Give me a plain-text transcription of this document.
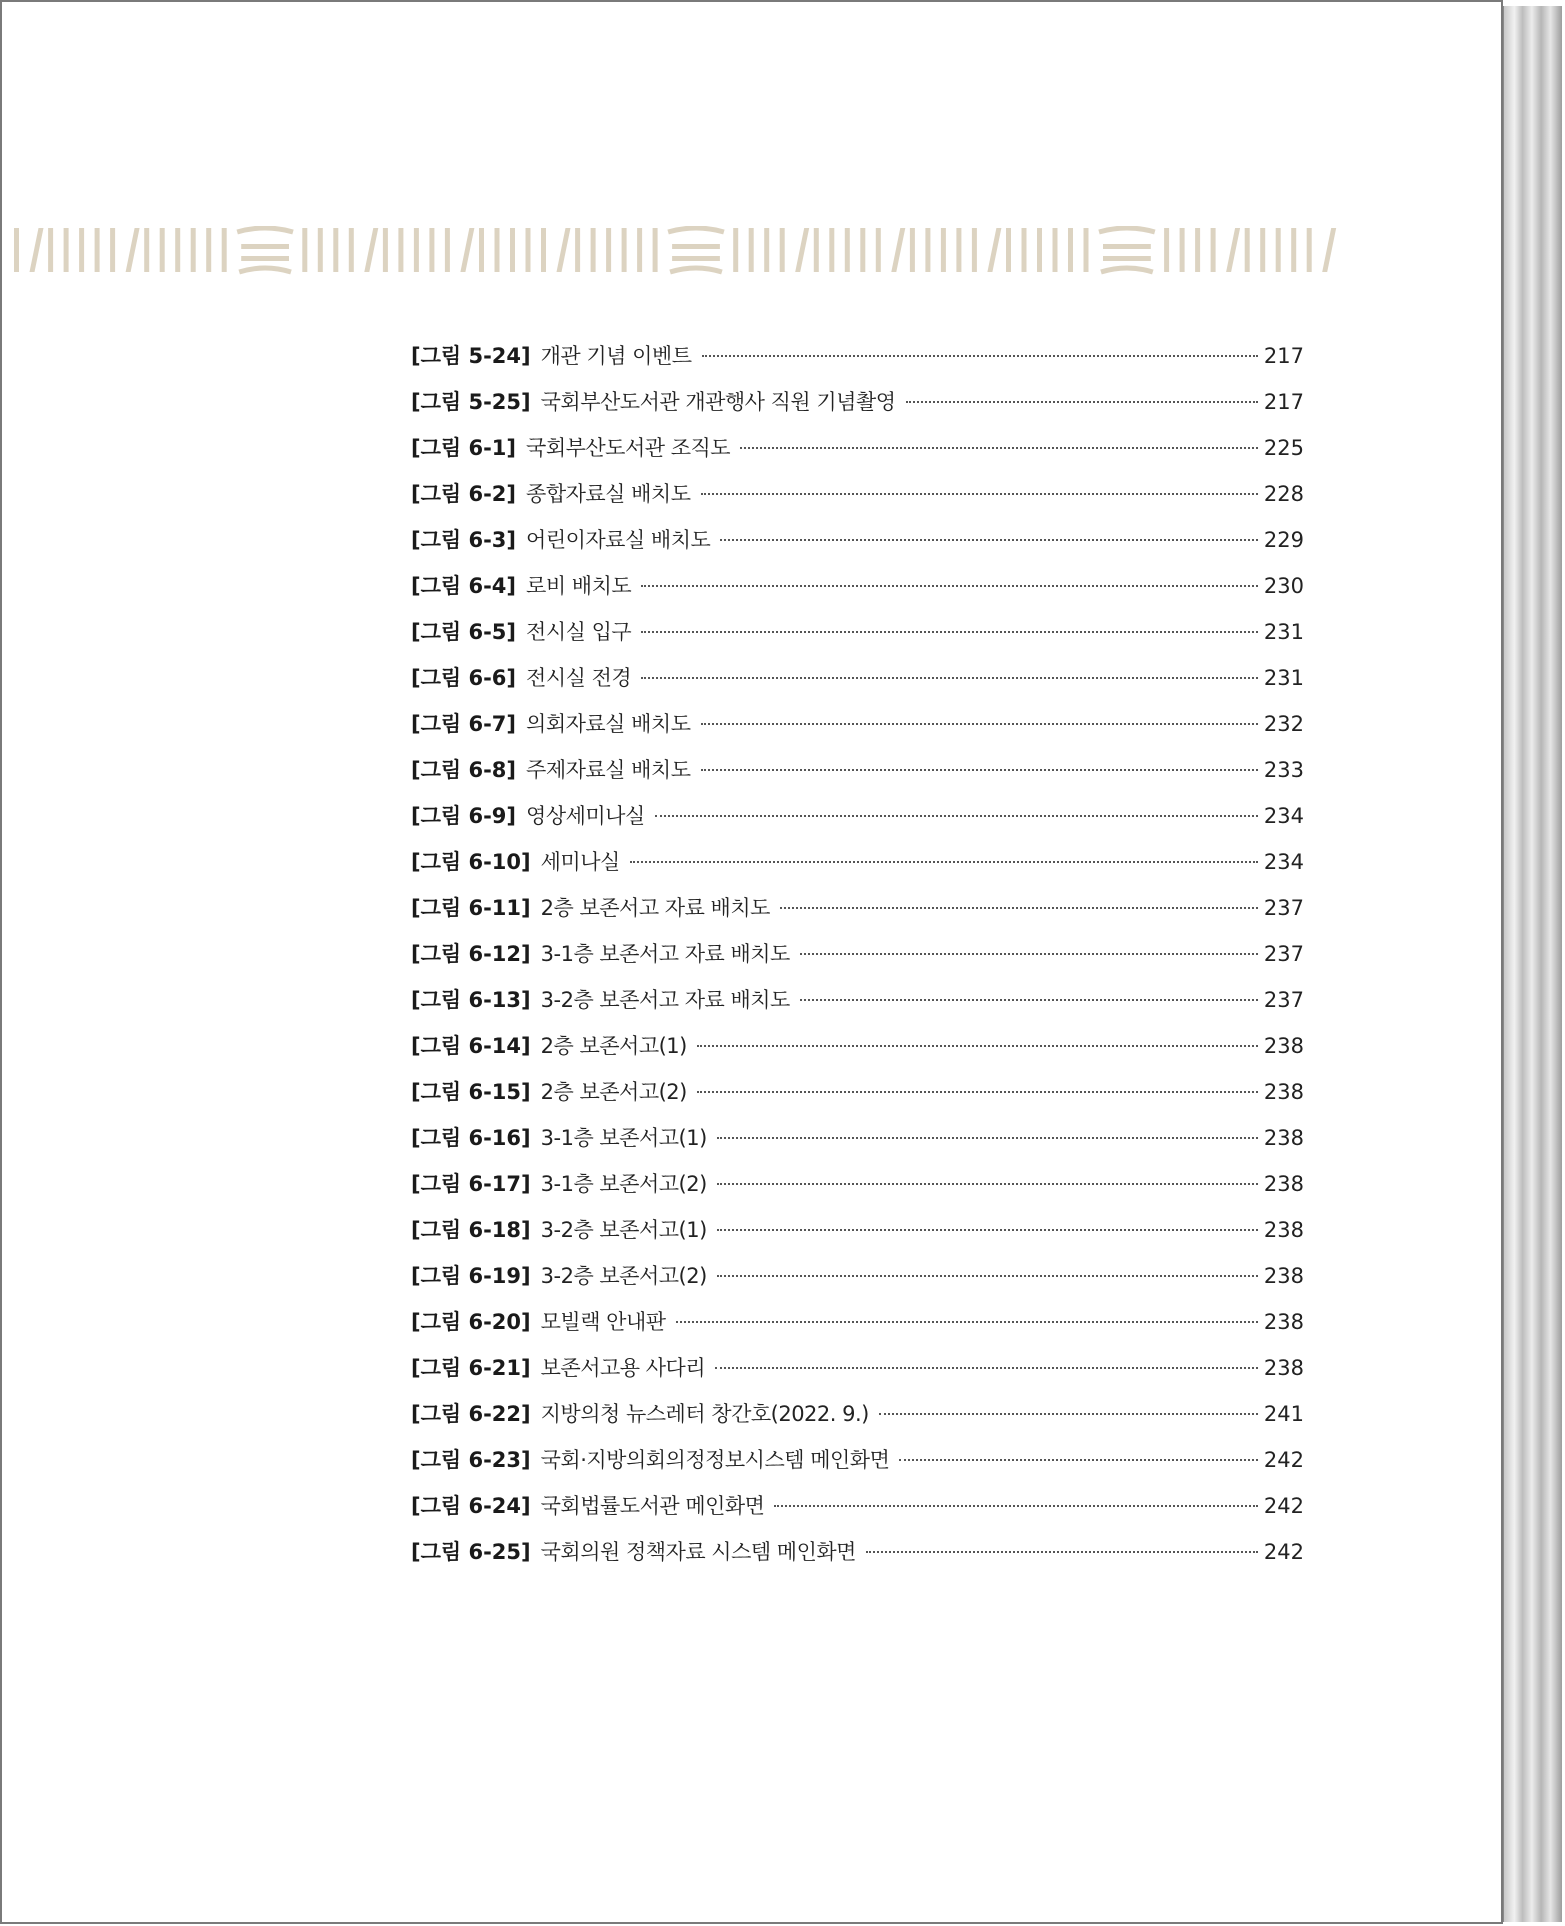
[그림 5-24] 개관 기념 이벤트	217
[그림 5-25] 국회부산도서관 개관행사 직원 기념촬영	217
[그림 6-1] 국회부산도서관 조직도	225
[그림 6-2] 종합자료실 배치도	228
[그림 6-3] 어린이자료실 배치도	229
[그림 6-4] 로비 배치도	230
[그림 6-5] 전시실 입구	231
[그림 6-6] 전시실 전경	231
[그림 6-7] 의회자료실 배치도	232
[그림 6-8] 주제자료실 배치도	233
[그림 6-9] 영상세미나실	234
[그림 6-10] 세미나실	234
[그림 6-11] 2층 보존서고 자료 배치도	237
[그림 6-12] 3-1층 보존서고 자료 배치도	237
[그림 6-13] 3-2층 보존서고 자료 배치도	237
[그림 6-14] 2층 보존서고(1)	238
[그림 6-15] 2층 보존서고(2)	238
[그림 6-16] 3-1층 보존서고(1)	238
[그림 6-17] 3-1층 보존서고(2)	238
[그림 6-18] 3-2층 보존서고(1)	238
[그림 6-19] 3-2층 보존서고(2)	238
[그림 6-20] 모빌랙 안내판	238
[그림 6-21] 보존서고용 사다리	238
[그림 6-22] 지방의청 뉴스레터 창간호(2022. 9.)	241
[그림 6-23] 국회·지방의회의정정보시스템 메인화면	242
[그림 6-24] 국회법률도서관 메인화면	242
[그림 6-25] 국회의원 정책자료 시스템 메인화면	242
